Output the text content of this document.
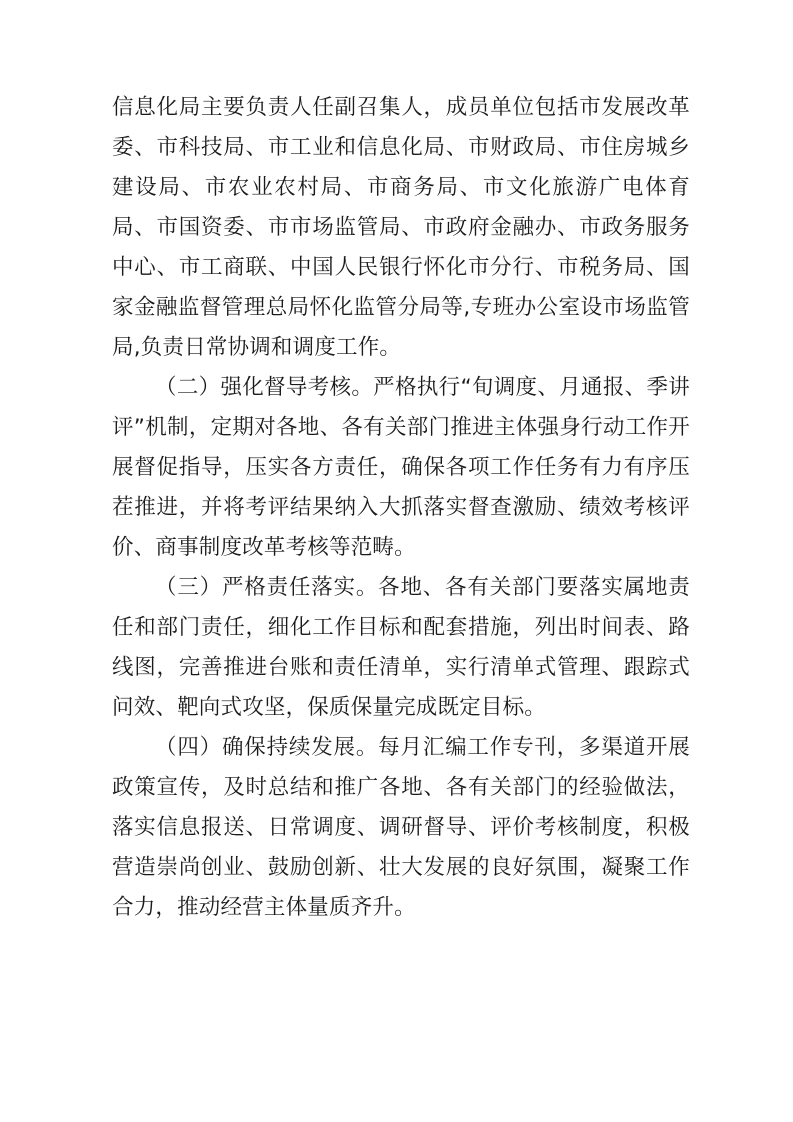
信息化局主要负责人任副召集人，成员单位包括市发展改革委、市科技局、市工业和信息化局、市财政局、市住房城乡建设局、市农业农村局、市商务局、市文化旅游广电体育局、市国资委、市市场监管局、市政府金融办、市政务服务中心、市工商联、中国人民银行怀化市分行、市税务局、国家金融监督管理总局怀化监管分局等,专班办公室设市场监管局,负责日常协调和调度工作。

（二）强化督导考核。严格执行“旬调度、月通报、季讲评”机制，定期对各地、各有关部门推进主体强身行动工作开展督促指导，压实各方责任，确保各项工作任务有力有序压茬推进，并将考评结果纳入大抓落实督查激励、绩效考核评价、商事制度改革考核等范畴。

（三）严格责任落实。各地、各有关部门要落实属地责任和部门责任，细化工作目标和配套措施，列出时间表、路线图，完善推进台账和责任清单，实行清单式管理、跟踪式问效、靶向式攻坚，保质保量完成既定目标。

（四）确保持续发展。每月汇编工作专刊，多渠道开展政策宣传，及时总结和推广各地、各有关部门的经验做法，落实信息报送、日常调度、调研督导、评价考核制度，积极营造崇尚创业、鼓励创新、壮大发展的良好氛围，凝聚工作合力，推动经营主体量质齐升。
